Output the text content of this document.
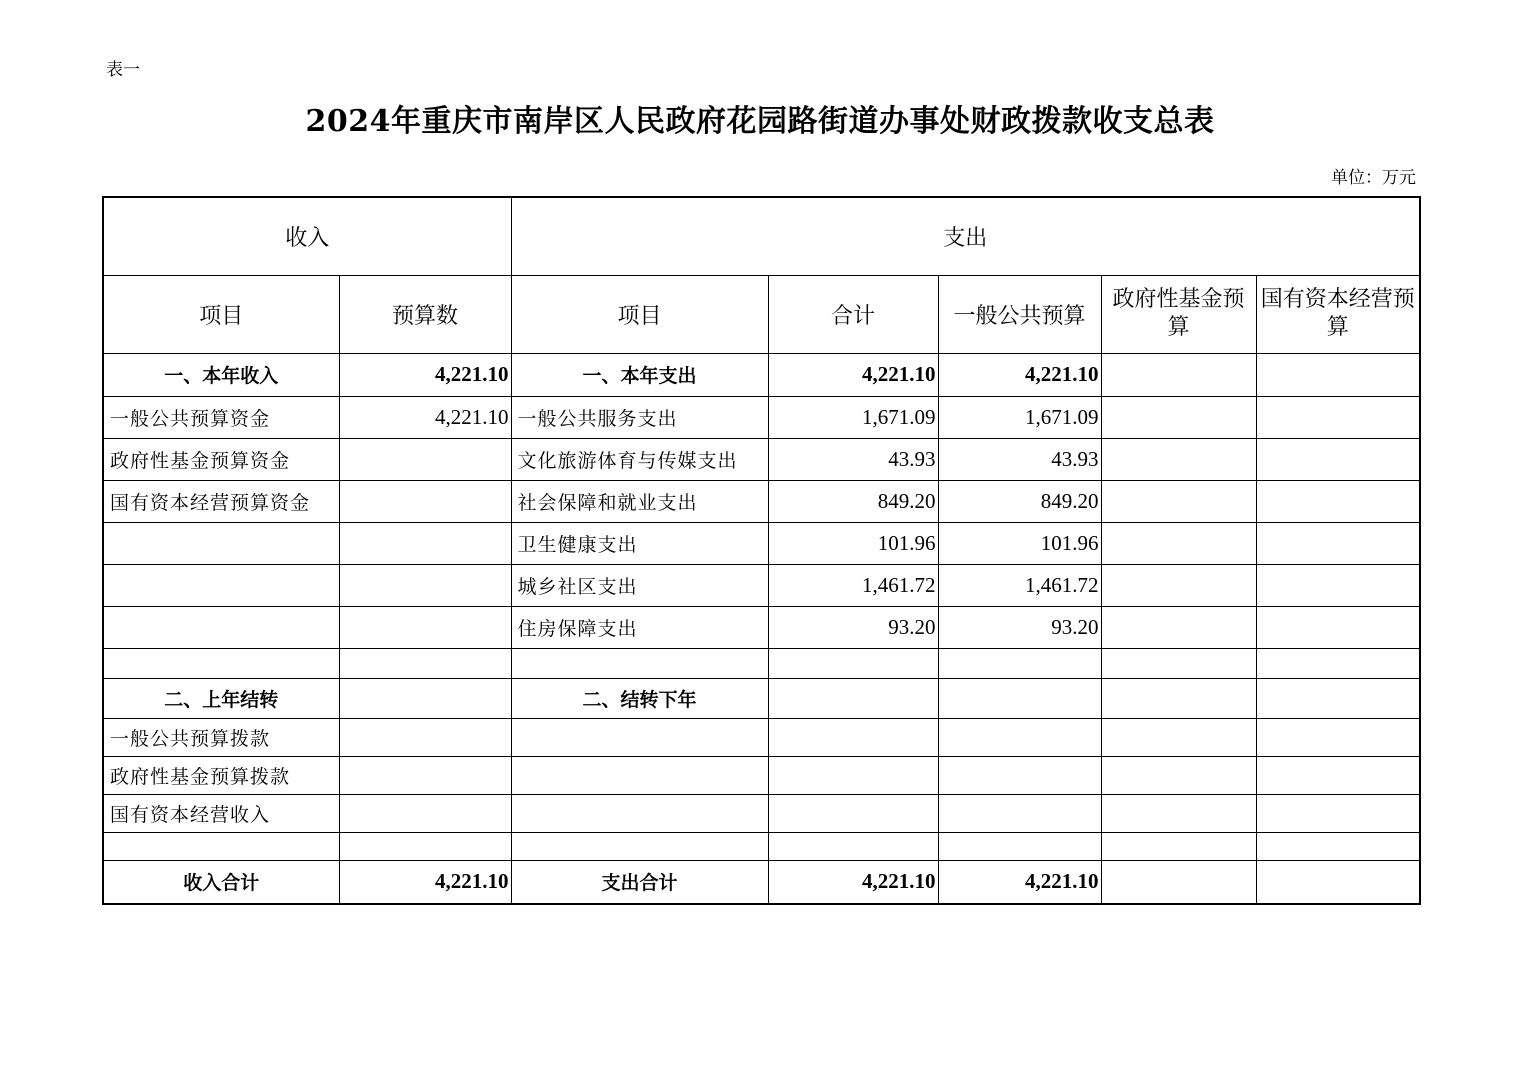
表一
2024年重庆市南岸区人民政府花园路街道办事处财政拨款收支总表
单位：万元
收入		支出				
项目	预算数	项目	合计	一般公共预算	政府性基金预算	国有资本经营预算
一、本年收入	4,221.10	一、本年支出	4,221.10	4,221.10		
一般公共预算资金	4,221.10	一般公共服务支出	1,671.09	1,671.09		
政府性基金预算资金		文化旅游体育与传媒支出	43.93	43.93		
国有资本经营预算资金		社会保障和就业支出	849.20	849.20		
		卫生健康支出	101.96	101.96		
		城乡社区支出	1,461.72	1,461.72		
		住房保障支出	93.20	93.20		

二、上年结转		二、结转下年				
一般公共预算拨款						
政府性基金预算拨款						
国有资本经营收入						

收入合计	4,221.10	支出合计	4,221.10	4,221.10		
